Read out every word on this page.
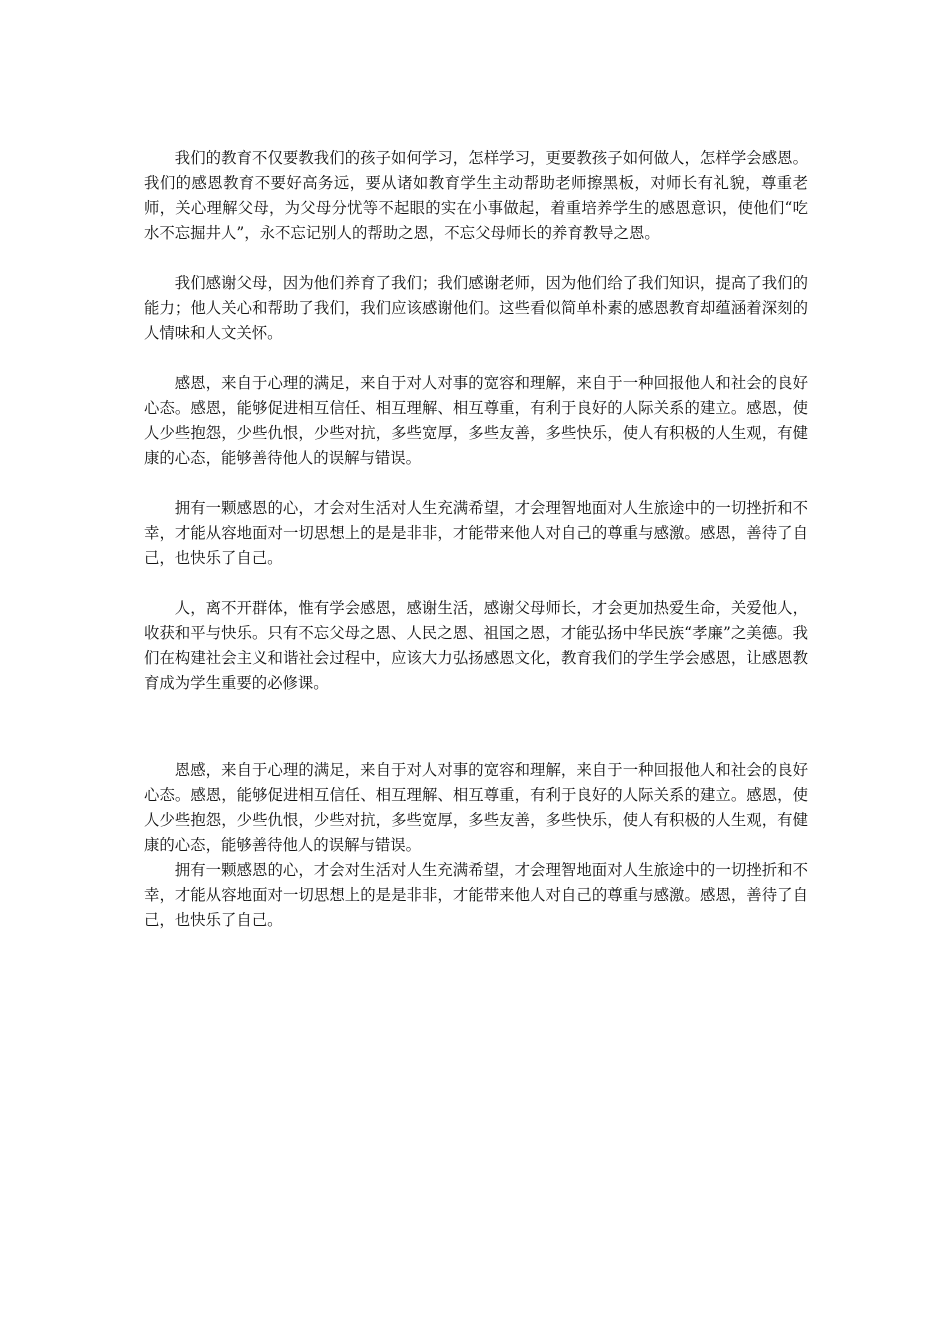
我们的教育不仅要教我们的孩子如何学习，怎样学习，更要教孩子如何做人，怎样学会感恩。我们的感恩教育不要好高务远，要从诸如教育学生主动帮助老师擦黑板，对师长有礼貌，尊重老师，关心理解父母，为父母分忧等不起眼的实在小事做起，着重培养学生的感恩意识，使他们“吃水不忘掘井人”，永不忘记别人的帮助之恩，不忘父母师长的养育教导之恩。

我们感谢父母，因为他们养育了我们；我们感谢老师，因为他们给了我们知识，提高了我们的能力；他人关心和帮助了我们，我们应该感谢他们。这些看似简单朴素的感恩教育却蕴涵着深刻的人情味和人文关怀。

感恩，来自于心理的满足，来自于对人对事的宽容和理解，来自于一种回报他人和社会的良好心态。感恩，能够促进相互信任、相互理解、相互尊重，有利于良好的人际关系的建立。感恩，使人少些抱怨，少些仇恨，少些对抗，多些宽厚，多些友善，多些快乐，使人有积极的人生观，有健康的心态，能够善待他人的误解与错误。

拥有一颗感恩的心，才会对生活对人生充满希望，才会理智地面对人生旅途中的一切挫折和不幸，才能从容地面对一切思想上的是是非非，才能带来他人对自己的尊重与感激。感恩，善待了自己，也快乐了自己。

人，离不开群体，惟有学会感恩，感谢生活，感谢父母师长，才会更加热爱生命，关爱他人，收获和平与快乐。只有不忘父母之恩、人民之恩、祖国之恩，才能弘扬中华民族“孝廉”之美德。我们在构建社会主义和谐社会过程中，应该大力弘扬感恩文化，教育我们的学生学会感恩，让感恩教育成为学生重要的必修课。

恩感，来自于心理的满足，来自于对人对事的宽容和理解，来自于一种回报他人和社会的良好心态。感恩，能够促进相互信任、相互理解、相互尊重，有利于良好的人际关系的建立。感恩，使人少些抱怨，少些仇恨，少些对抗，多些宽厚，多些友善，多些快乐，使人有积极的人生观，有健康的心态，能够善待他人的误解与错误。

拥有一颗感恩的心，才会对生活对人生充满希望，才会理智地面对人生旅途中的一切挫折和不幸，才能从容地面对一切思想上的是是非非，才能带来他人对自己的尊重与感激。感恩，善待了自己，也快乐了自己。
